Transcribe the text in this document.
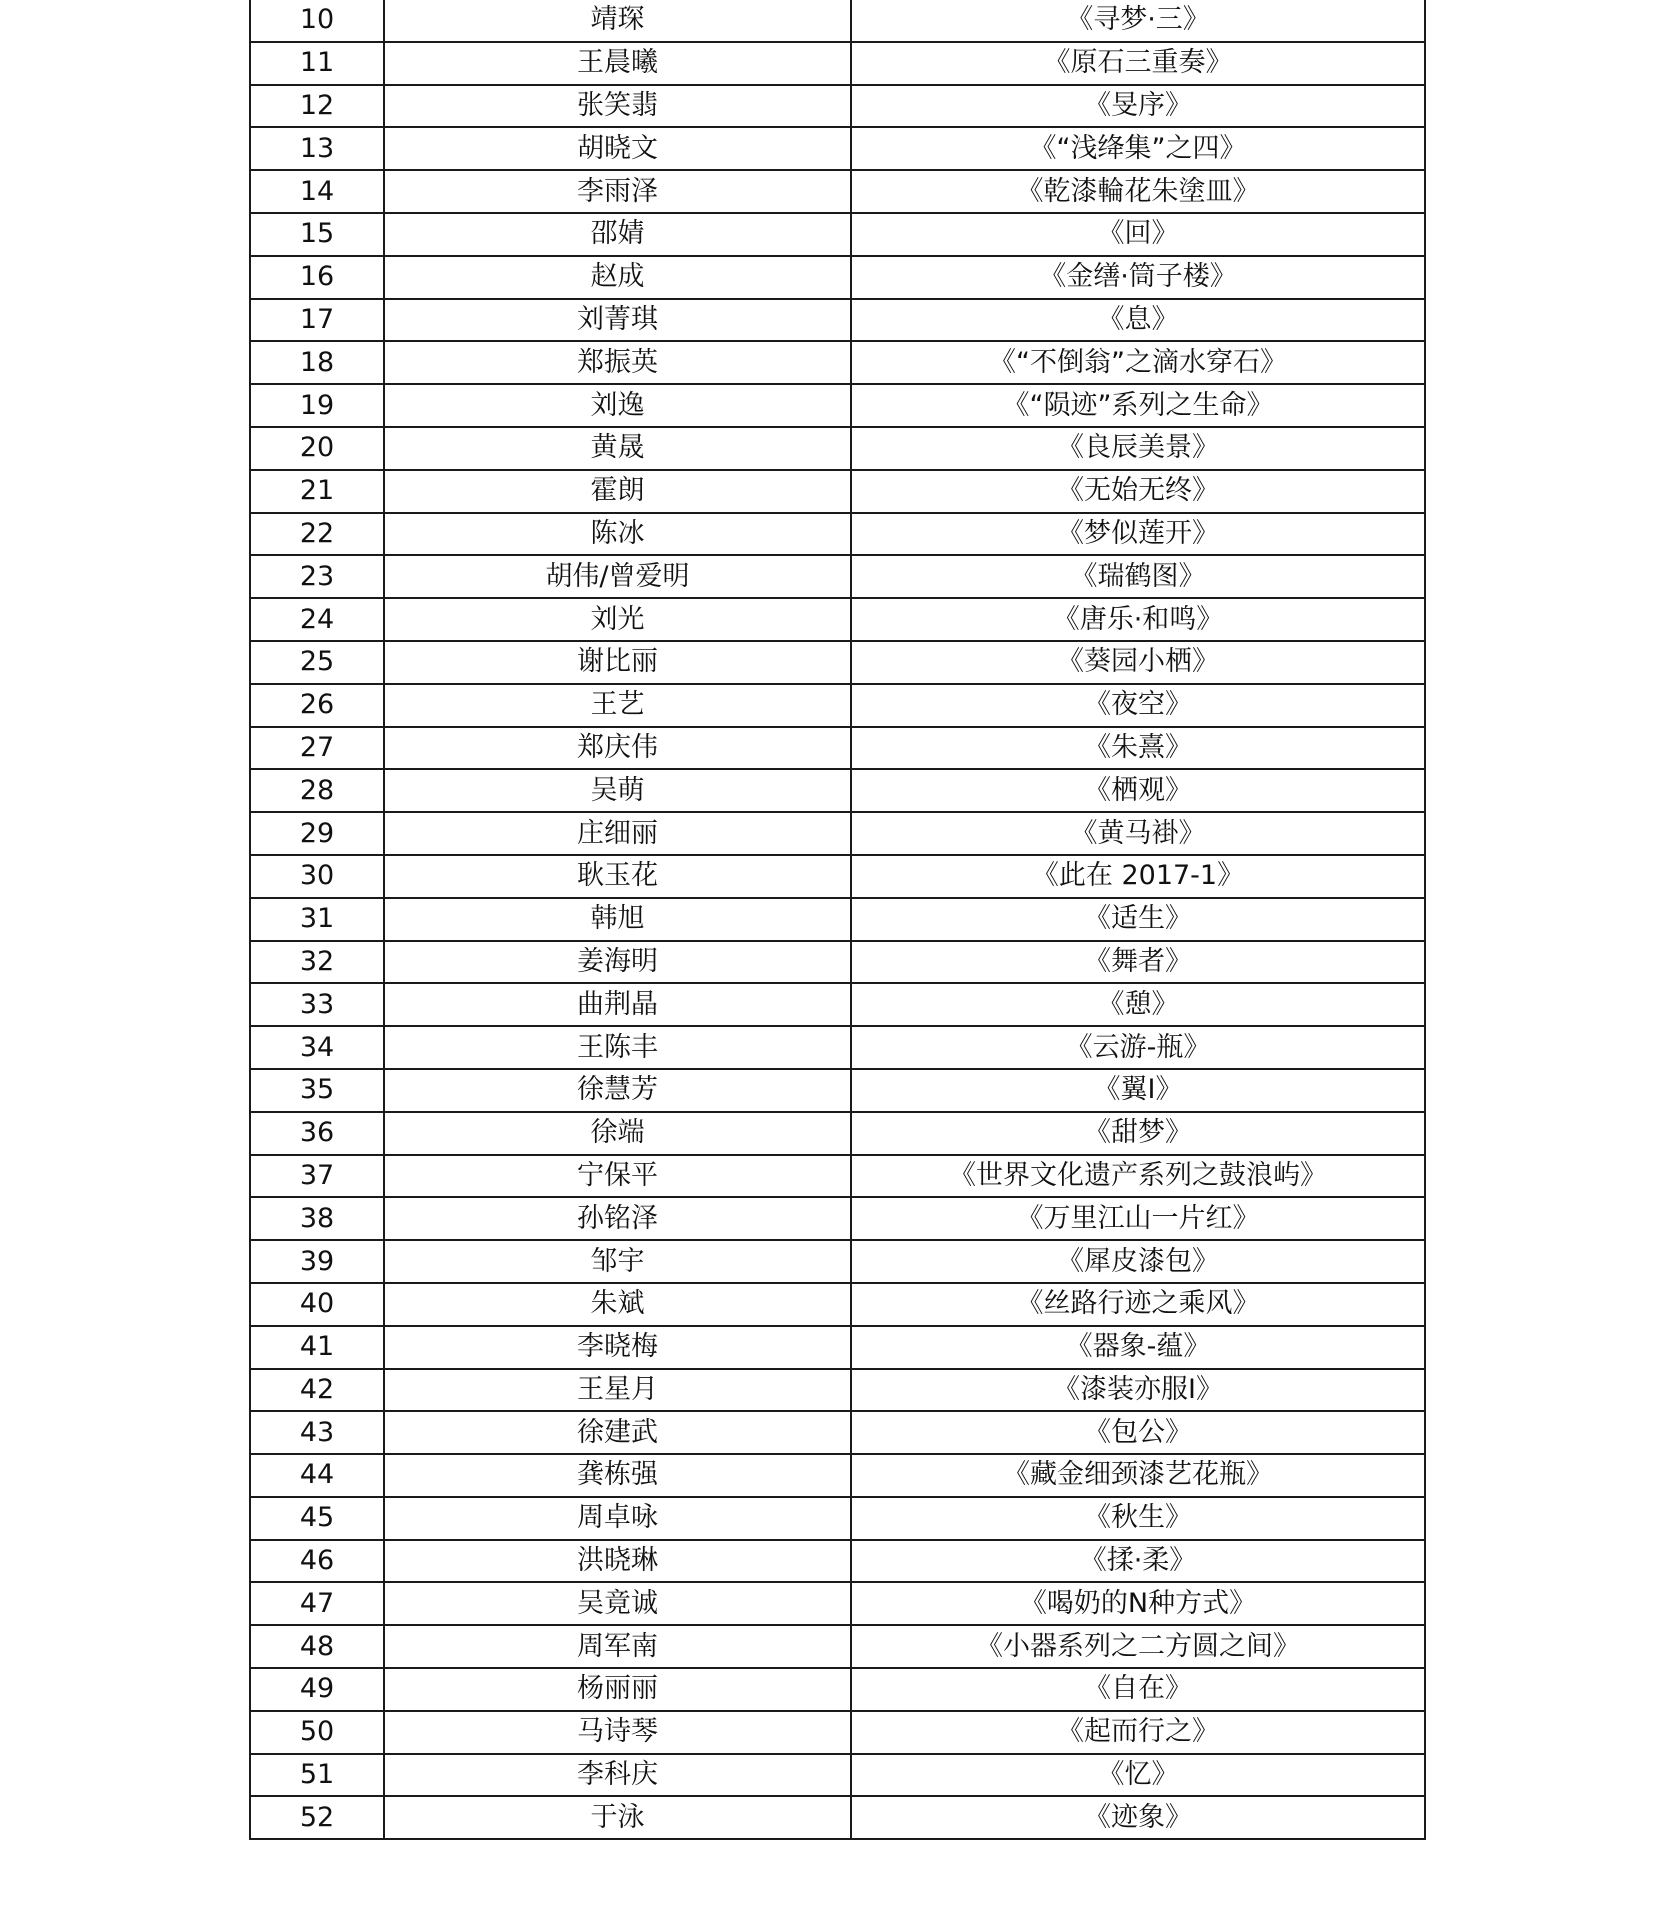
10	靖琛	《寻梦·三》
11	王晨曦	《原石三重奏》
12	张笑翡	《旻序》
13	胡晓文	《“浅绛集”之四》
14	李雨泽	《乾漆輪花朱塗皿》
15	邵婧	《回》
16	赵成	《金缮·筒子楼》
17	刘菁琪	《息》
18	郑振英	《“不倒翁”之滴水穿石》
19	刘逸	《“陨迹”系列之生命》
20	黄晟	《良辰美景》
21	霍朗	《无始无终》
22	陈冰	《梦似莲开》
23	胡伟/曾爱明	《瑞鹤图》
24	刘光	《唐乐·和鸣》
25	谢比丽	《葵园小栖》
26	王艺	《夜空》
27	郑庆伟	《朱熹》
28	吴萌	《栖观》
29	庄细丽	《黄马褂》
30	耿玉花	《此在 2017-1》
31	韩旭	《适生》
32	姜海明	《舞者》
33	曲荆晶	《憩》
34	王陈丰	《云游-瓶》
35	徐慧芳	《翼Ⅰ》
36	徐端	《甜梦》
37	宁保平	《世界文化遗产系列之鼓浪屿》
38	孙铭泽	《万里江山一片红》
39	邹宇	《犀皮漆包》
40	朱斌	《丝路行迹之乘风》
41	李晓梅	《器象-蕴》
42	王星月	《漆装亦服Ⅰ》
43	徐建武	《包公》
44	龚栋强	《藏金细颈漆艺花瓶》
45	周卓咏	《秋生》
46	洪晓琳	《揉·柔》
47	吴竟诚	《喝奶的N种方式》
48	周军南	《小器系列之二方圆之间》
49	杨丽丽	《自在》
50	马诗琴	《起而行之》
51	李科庆	《忆》
52	于泳	《迹象》
